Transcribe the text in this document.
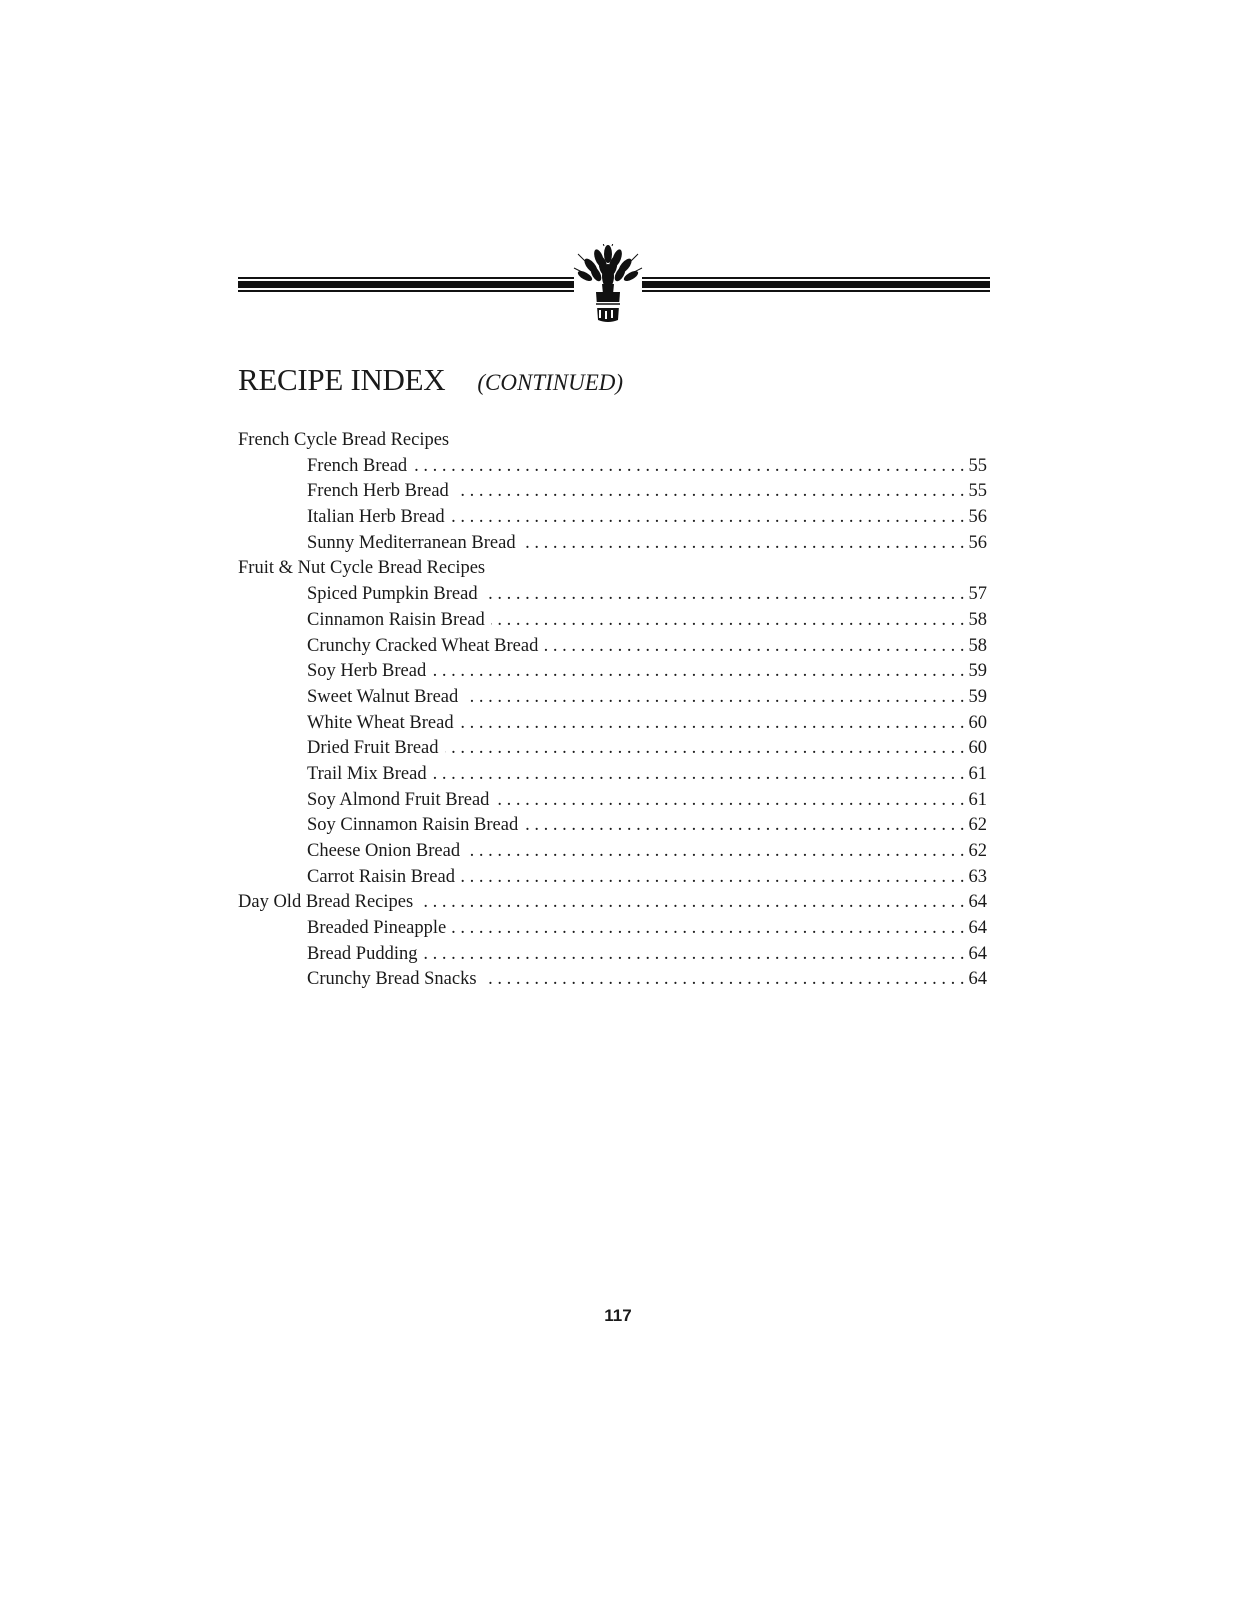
RECIPE INDEX (CONTINUED)
French Cycle Bread Recipes
French Bread . . .	55
French Herb Bread . . .	55
Italian Herb Bread . . .	56
Sunny Mediterranean Bread . . .	56
Fruit & Nut Cycle Bread Recipes
Spiced Pumpkin Bread . . .	57
Cinnamon Raisin Bread . . .	58
Crunchy Cracked Wheat Bread . . .	58
Soy Herb Bread . . .	59
Sweet Walnut Bread . . .	59
White Wheat Bread . . .	60
Dried Fruit Bread . . .	60
Trail Mix Bread . . .	61
Soy Almond Fruit Bread . . .	61
Soy Cinnamon Raisin Bread . . .	62
Cheese Onion Bread . . .	62
Carrot Raisin Bread . . .	63
Day Old Bread Recipes . . .	64
Breaded Pineapple . . .	64
Bread Pudding . . .	64
Crunchy Bread Snacks . . .	64
117
